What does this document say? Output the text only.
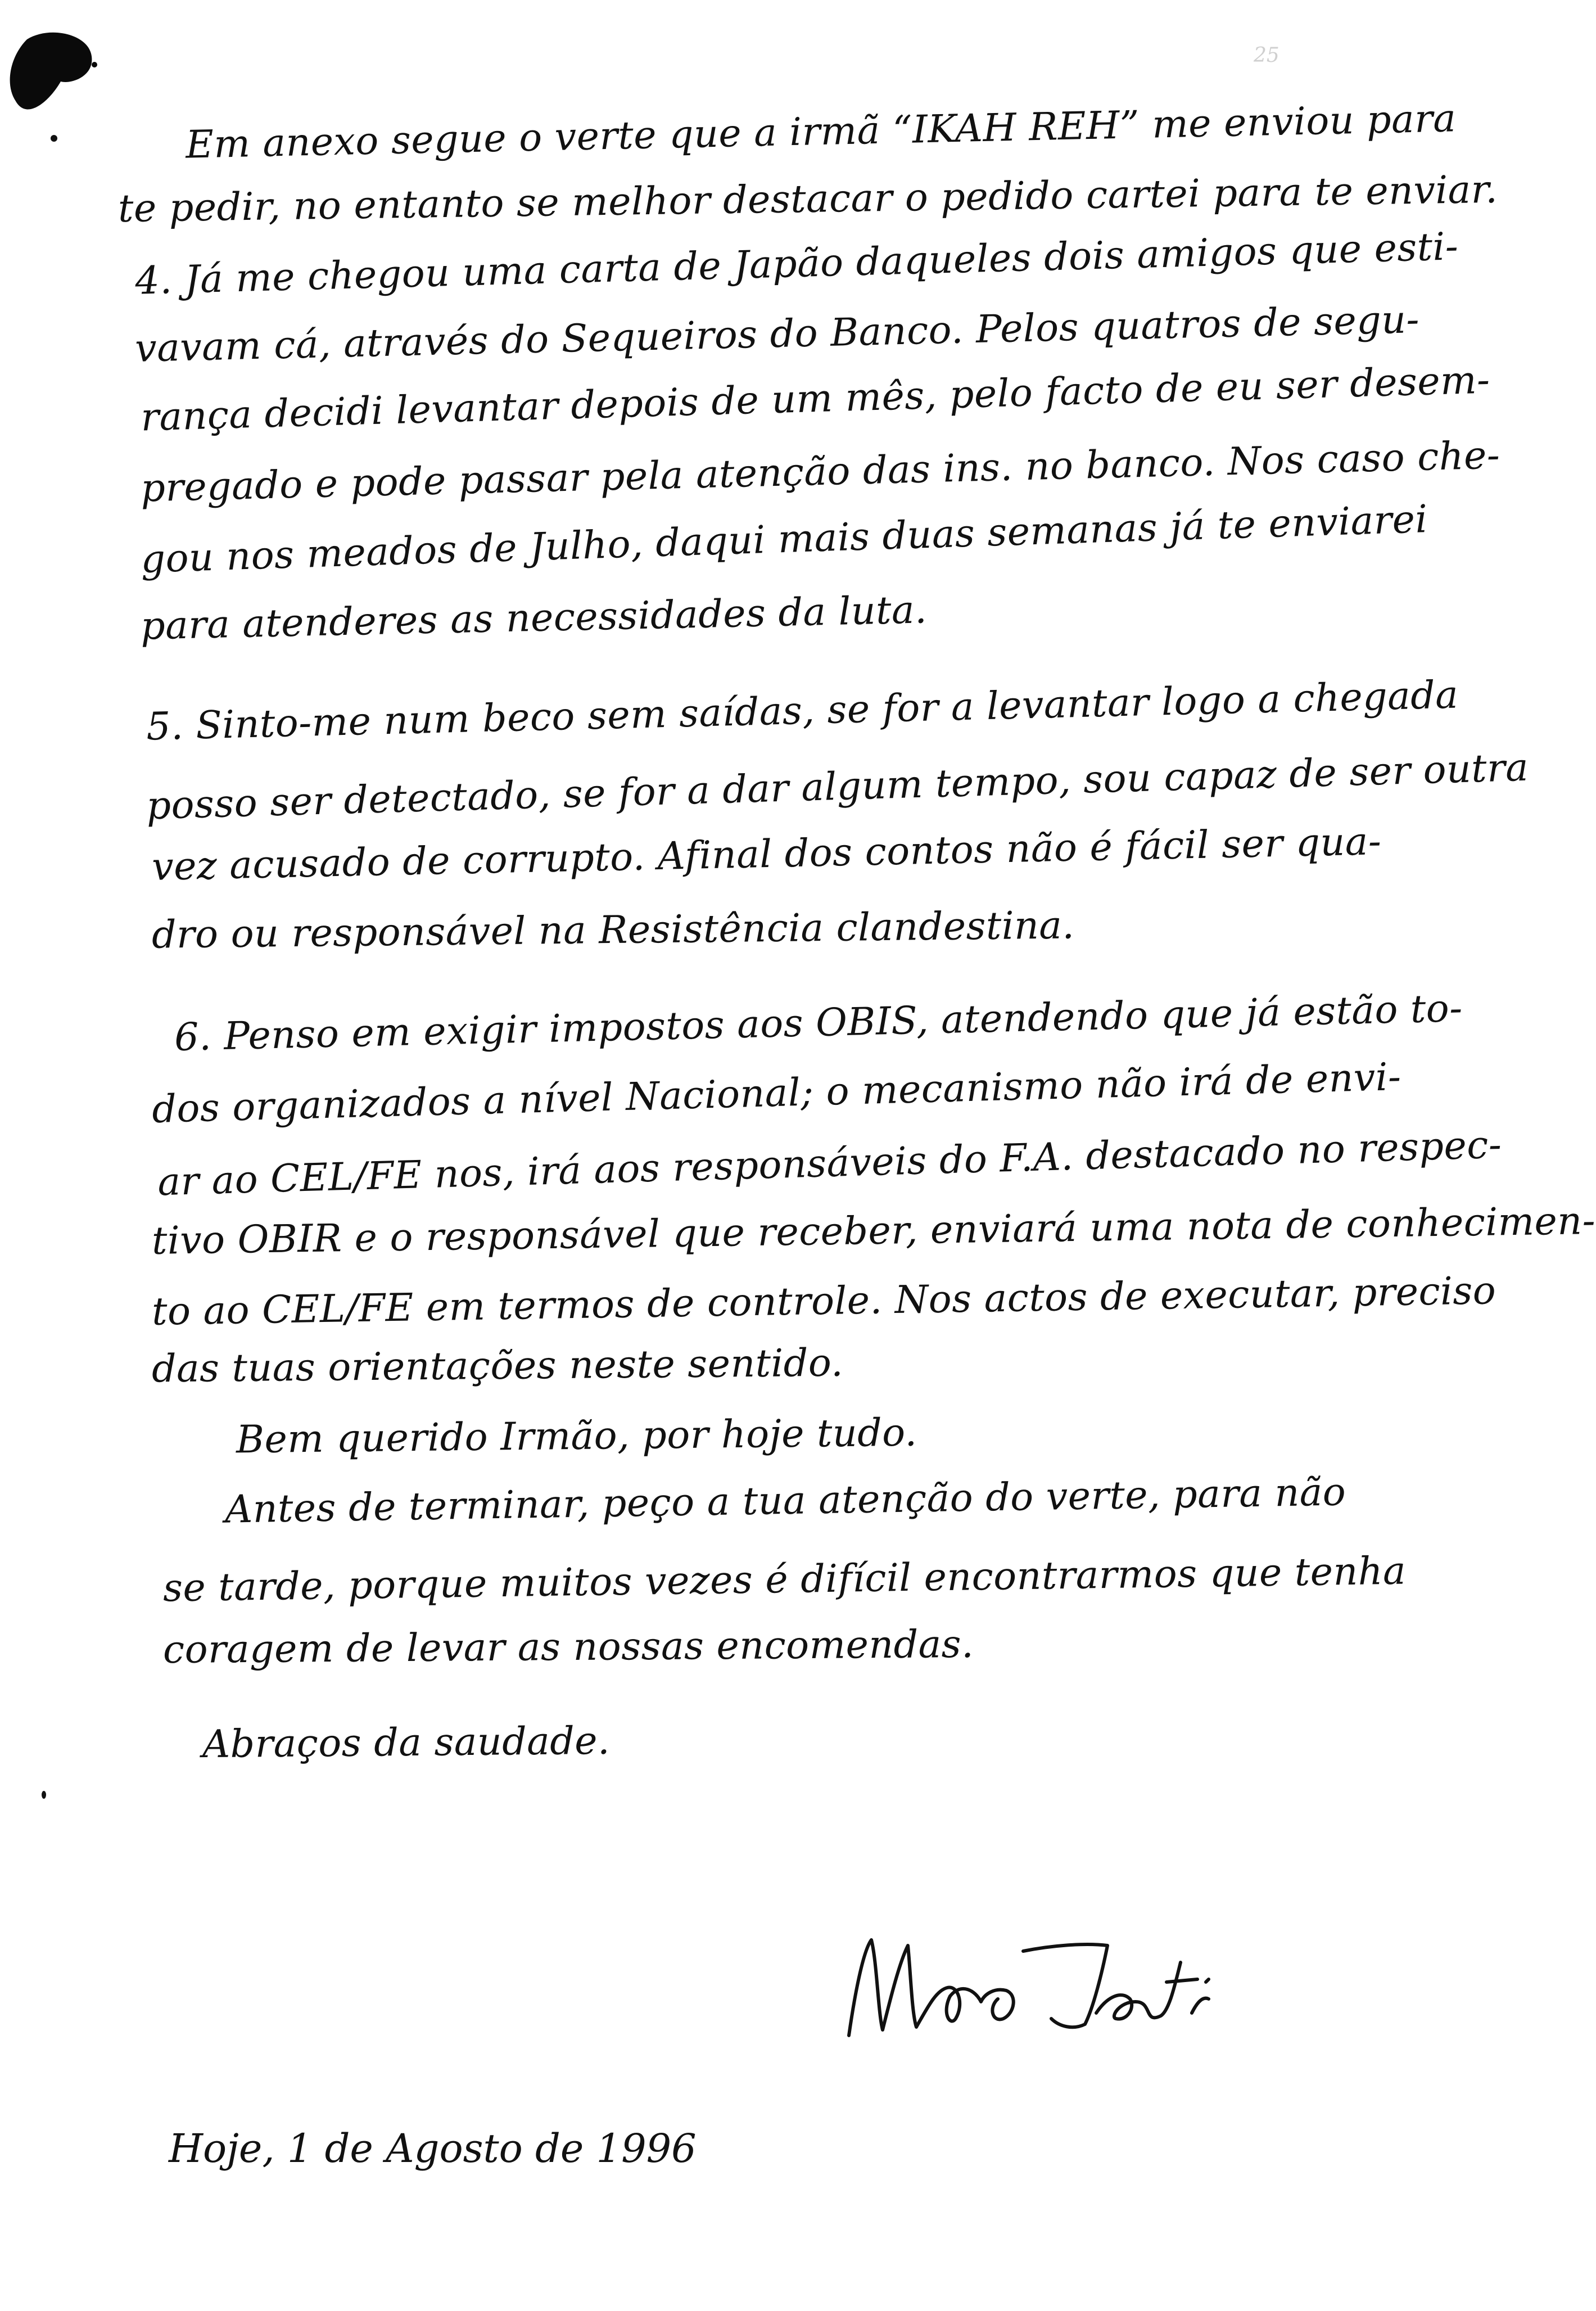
25
Em anexo segue o verte que a irmã “IKAH REH” me enviou para
te pedir, no entanto se melhor destacar o pedido cartei para te enviar.
4. Já me chegou uma carta de Japão daqueles dois amigos que esti-
vavam cá, através do Sequeiros do Banco. Pelos quatros de segu-
rança decidi levantar depois de um mês, pelo facto de eu ser desem-
pregado e pode passar pela atenção das ins. no banco. Nos caso che-
gou nos meados de Julho, daqui mais duas semanas já te enviarei
para atenderes as necessidades da luta.
5. Sinto-me num beco sem saídas, se for a levantar logo a chegada
posso ser detectado, se for a dar algum tempo, sou capaz de ser outra
vez acusado de corrupto. Afinal dos contos não é fácil ser qua-
dro ou responsável na Resistência clandestina.
6. Penso em exigir impostos aos OBIS, atendendo que já estão to-
dos organizados a nível Nacional; o mecanismo não irá de envi-
ar ao CEL/FE nos, irá aos responsáveis do F.A. destacado no respec-
tivo OBIR e o responsável que receber, enviará uma nota de conhecimen-
to ao CEL/FE em termos de controle. Nos actos de executar, preciso
das tuas orientações neste sentido.
Bem querido Irmão, por hoje tudo.
Antes de terminar, peço a tua atenção do verte, para não
se tarde, porque muitos vezes é difícil encontrarmos que tenha
coragem de levar as nossas encomendas.
Abraços da saudade.
Hoje, 1 de Agosto de 1996
